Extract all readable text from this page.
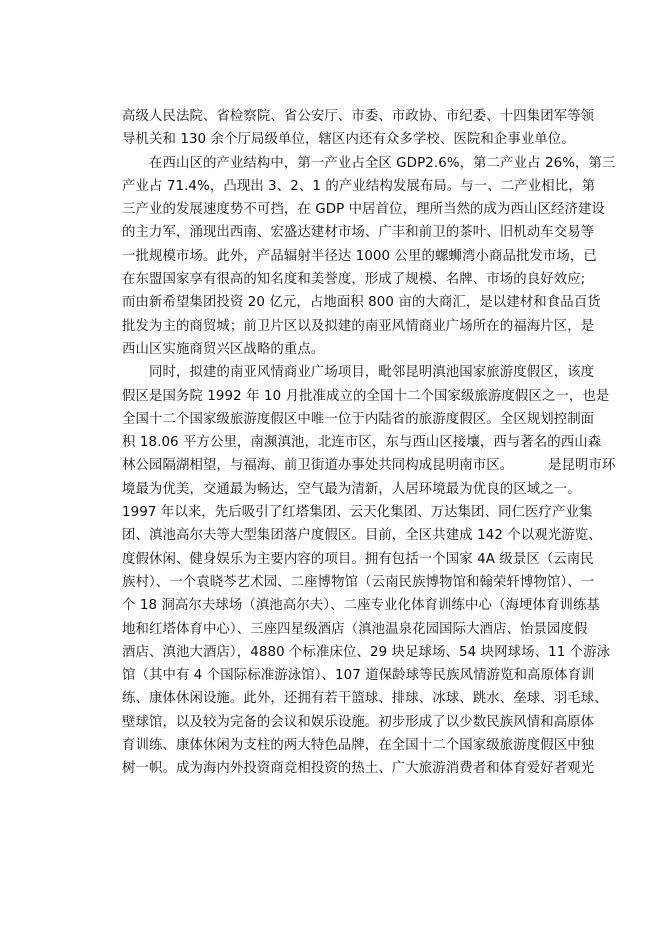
高级人民法院、省检察院、省公安厅、市委、市政协、市纪委、十四集团军等领
导机关和 130 余个厅局级单位，辖区内还有众多学校、医院和企事业单位。

在西山区的产业结构中，第一产业占全区 GDP2.6%，第二产业占 26%，第三
产业占 71.4%，凸现出 3、2、1 的产业结构发展布局。与一、二产业相比，第
三产业的发展速度势不可挡，在 GDP 中居首位，理所当然的成为西山区经济建设
的主力军，涌现出西南、宏盛达建材市场、广丰和前卫的茶叶、旧机动车交易等
一批规模市场。此外，产品辐射半径达 1000 公里的螺蛳湾小商品批发市场，已
在东盟国家享有很高的知名度和美誉度，形成了规模、名牌、市场的良好效应;
而由新希望集团投资 20 亿元，占地面积 800 亩的大商汇，是以建材和食品百货
批发为主的商贸城；前卫片区以及拟建的南亚风情商业广场所在的福海片区，是
西山区实施商贸兴区战略的重点。

同时，拟建的南亚风情商业广场项目，毗邻昆明滇池国家旅游度假区，该度
假区是国务院 1992 年 10 月批准成立的全国十二个国家级旅游度假区之一，也是
全国十二个国家级旅游度假区中唯一位于内陆省的旅游度假区。全区规划控制面
积 18.06 平方公里，南濒滇池，北连市区，东与西山区接壤，西与著名的西山森
林公园隔湖相望，与福海、前卫街道办事处共同构成昆明南市区。        是昆明市环
境最为优美，交通最为畅达，空气最为清新，人居环境最为优良的区域之一。
1997 年以来，先后吸引了红塔集团、云天化集团、万达集团、同仁医疗产业集
团、滇池高尔夫等大型集团落户度假区。目前，全区共建成 142 个以观光游览、
度假休闲、健身娱乐为主要内容的项目。拥有包括一个国家 4A 级景区（云南民
族村）、一个袁晓芩艺术园、二座博物馆（云南民族博物馆和翰荣轩博物馆）、一
个 18 洞高尔夫球场（滇池高尔夫）、二座专业化体育训练中心（海埂体育训练基
地和红塔体育中心）、三座四星级酒店（滇池温泉花园国际大酒店、怡景园度假
酒店、滇池大酒店），4880 个标准床位、29 块足球场、54 块网球场、11 个游泳
馆（其中有 4 个国际标准游泳馆）、107 道保龄球等民族风情游览和高原体育训
练、康体休闲设施。此外，还拥有若干篮球、排球、冰球、跳水、垒球、羽毛球、
壁球馆，以及较为完备的会议和娱乐设施。初步形成了以少数民族风情和高原体
育训练、康体休闲为支柱的两大特色品牌，在全国十二个国家级旅游度假区中独
树一帜。成为海内外投资商竞相投资的热土、广大旅游消费者和体育爱好者观光
